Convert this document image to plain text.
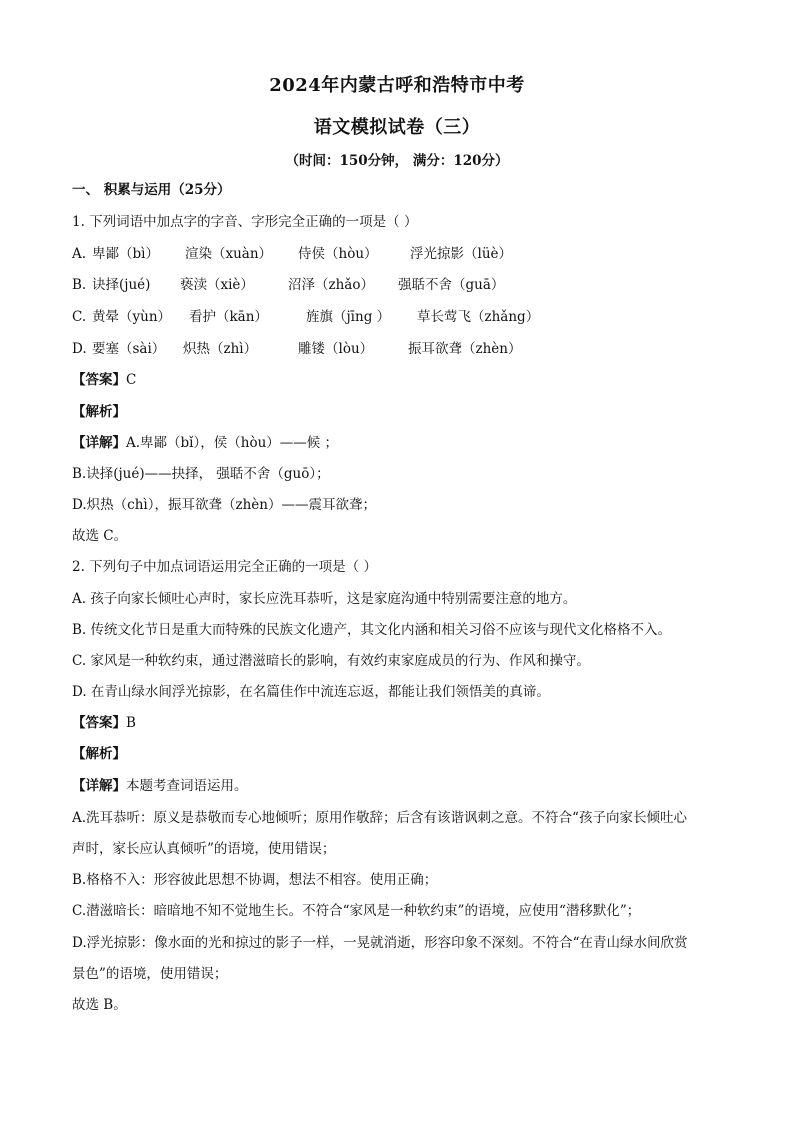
2024年内蒙古呼和浩特市中考
语文模拟试卷（三）
（时间：150分钟， 满分：120分）
一、 积累与运用（25分）
1. 下列词语中加点字的字音、字形完全正确的一项是（ ）
A. 卑鄙（bì） 渲染（xuàn） 侍侯（hòu） 浮光掠影（lüè）
B. 诀择(jué) 亵渎（xiè）	沼泽（zhǎo） 强聒不舍（guā）
C. 黄晕（yùn） 看护（kān）	旌旗（jīng ） 草长莺飞（zhǎng）
D. 要塞（sài） 炽热（zhì）	雕镂（lòu）	振耳欲聋（zhèn）
【答案】C
【解析】
【详解】A.卑鄙（bǐ），侯（hòu）——候 ；
B.诀择(jué)——抉择， 强聒不舍（guō）；
D.炽热（chì），振耳欲聋（zhèn）——震耳欲聋；
故选 C。
2. 下列句子中加点词语运用完全正确的一项是（ ）
A. 孩子向家长倾吐心声时，家长应洗耳恭听，这是家庭沟通中特别需要注意的地方。
B. 传统文化节日是重大而特殊的民族文化遗产，其文化内涵和相关习俗不应该与现代文化格格不入。
C. 家风是一种软约束，通过潜滋暗长的影响，有效约束家庭成员的行为、作风和操守。
D. 在青山绿水间浮光掠影，在名篇佳作中流连忘返，都能让我们领悟美的真谛。
【答案】B
【解析】
【详解】本题考查词语运用。
A.洗耳恭听：原义是恭敬而专心地倾听；原用作敬辞；后含有该谐讽刺之意。不符合“孩子向家长倾吐心
声时，家长应认真倾听”的语境，使用错误；
B.格格不入：形容彼此思想不协调，想法不相容。使用正确；
C.潜滋暗长：暗暗地不知不觉地生长。不符合“家风是一种软约束”的语境，应使用“潜移默化”；
D.浮光掠影：像水面的光和掠过的影子一样，一晃就消逝，形容印象不深刻。不符合“在青山绿水间欣赏
景色”的语境，使用错误；
故选 B。
